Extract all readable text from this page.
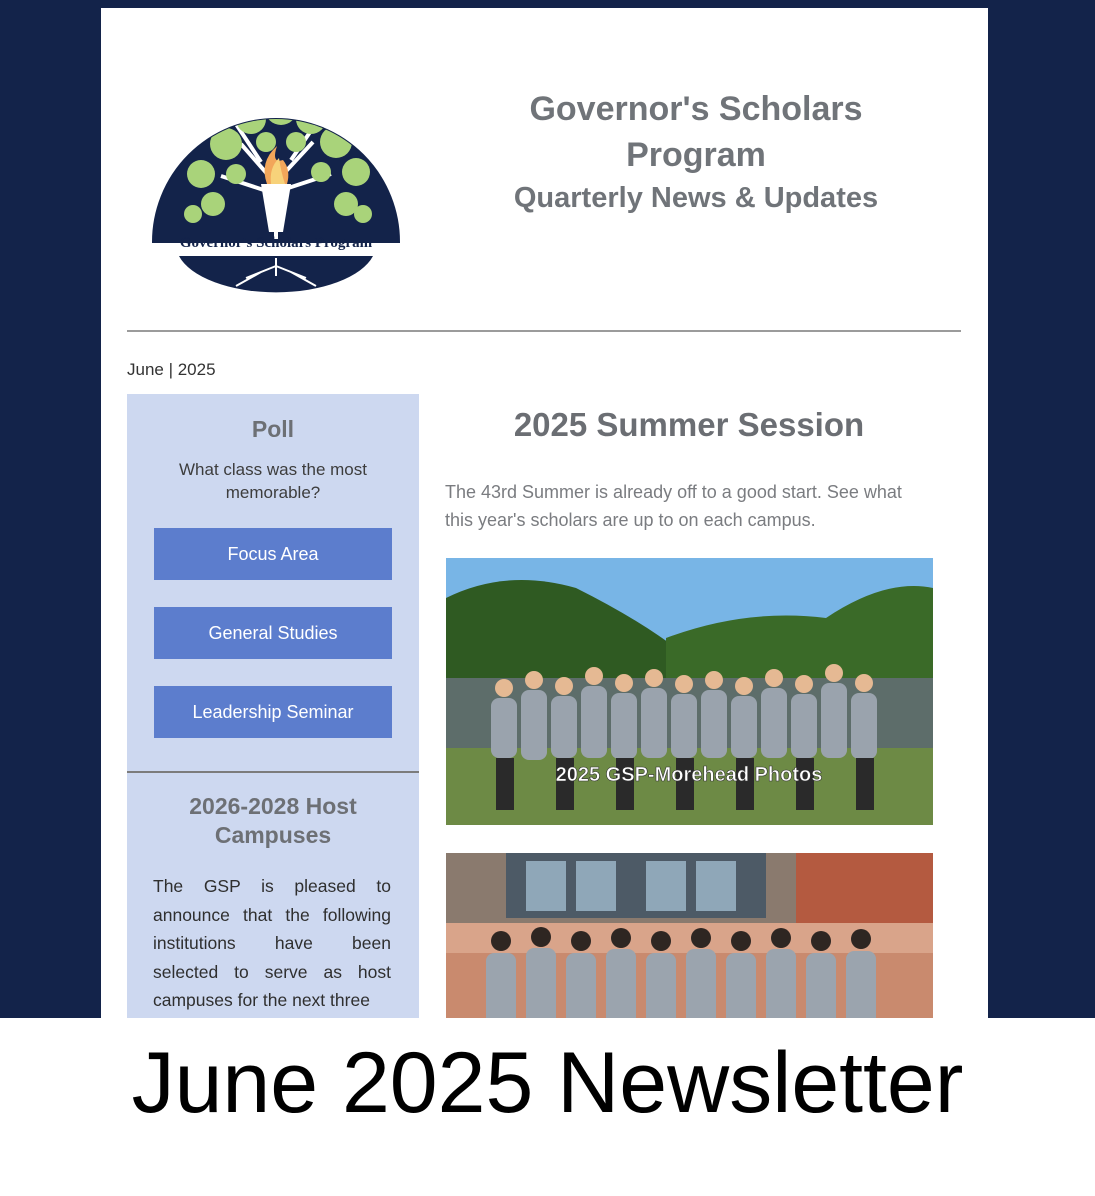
Governor's Scholars Program
Governor's Scholars
Program
Quarterly News & Updates
June | 2025
Poll
What class was the most memorable?
Focus Area
General Studies
Leadership Seminar
2026-2028 Host Campuses
The GSP is pleased to announce that the following institutions have been selected to serve as host campuses for the next three
2025 Summer Session
The 43rd Summer is already off to a good start. See what this year's scholars are up to on each campus.
2025 GSP-Morehead Photos
June 2025 Newsletter
